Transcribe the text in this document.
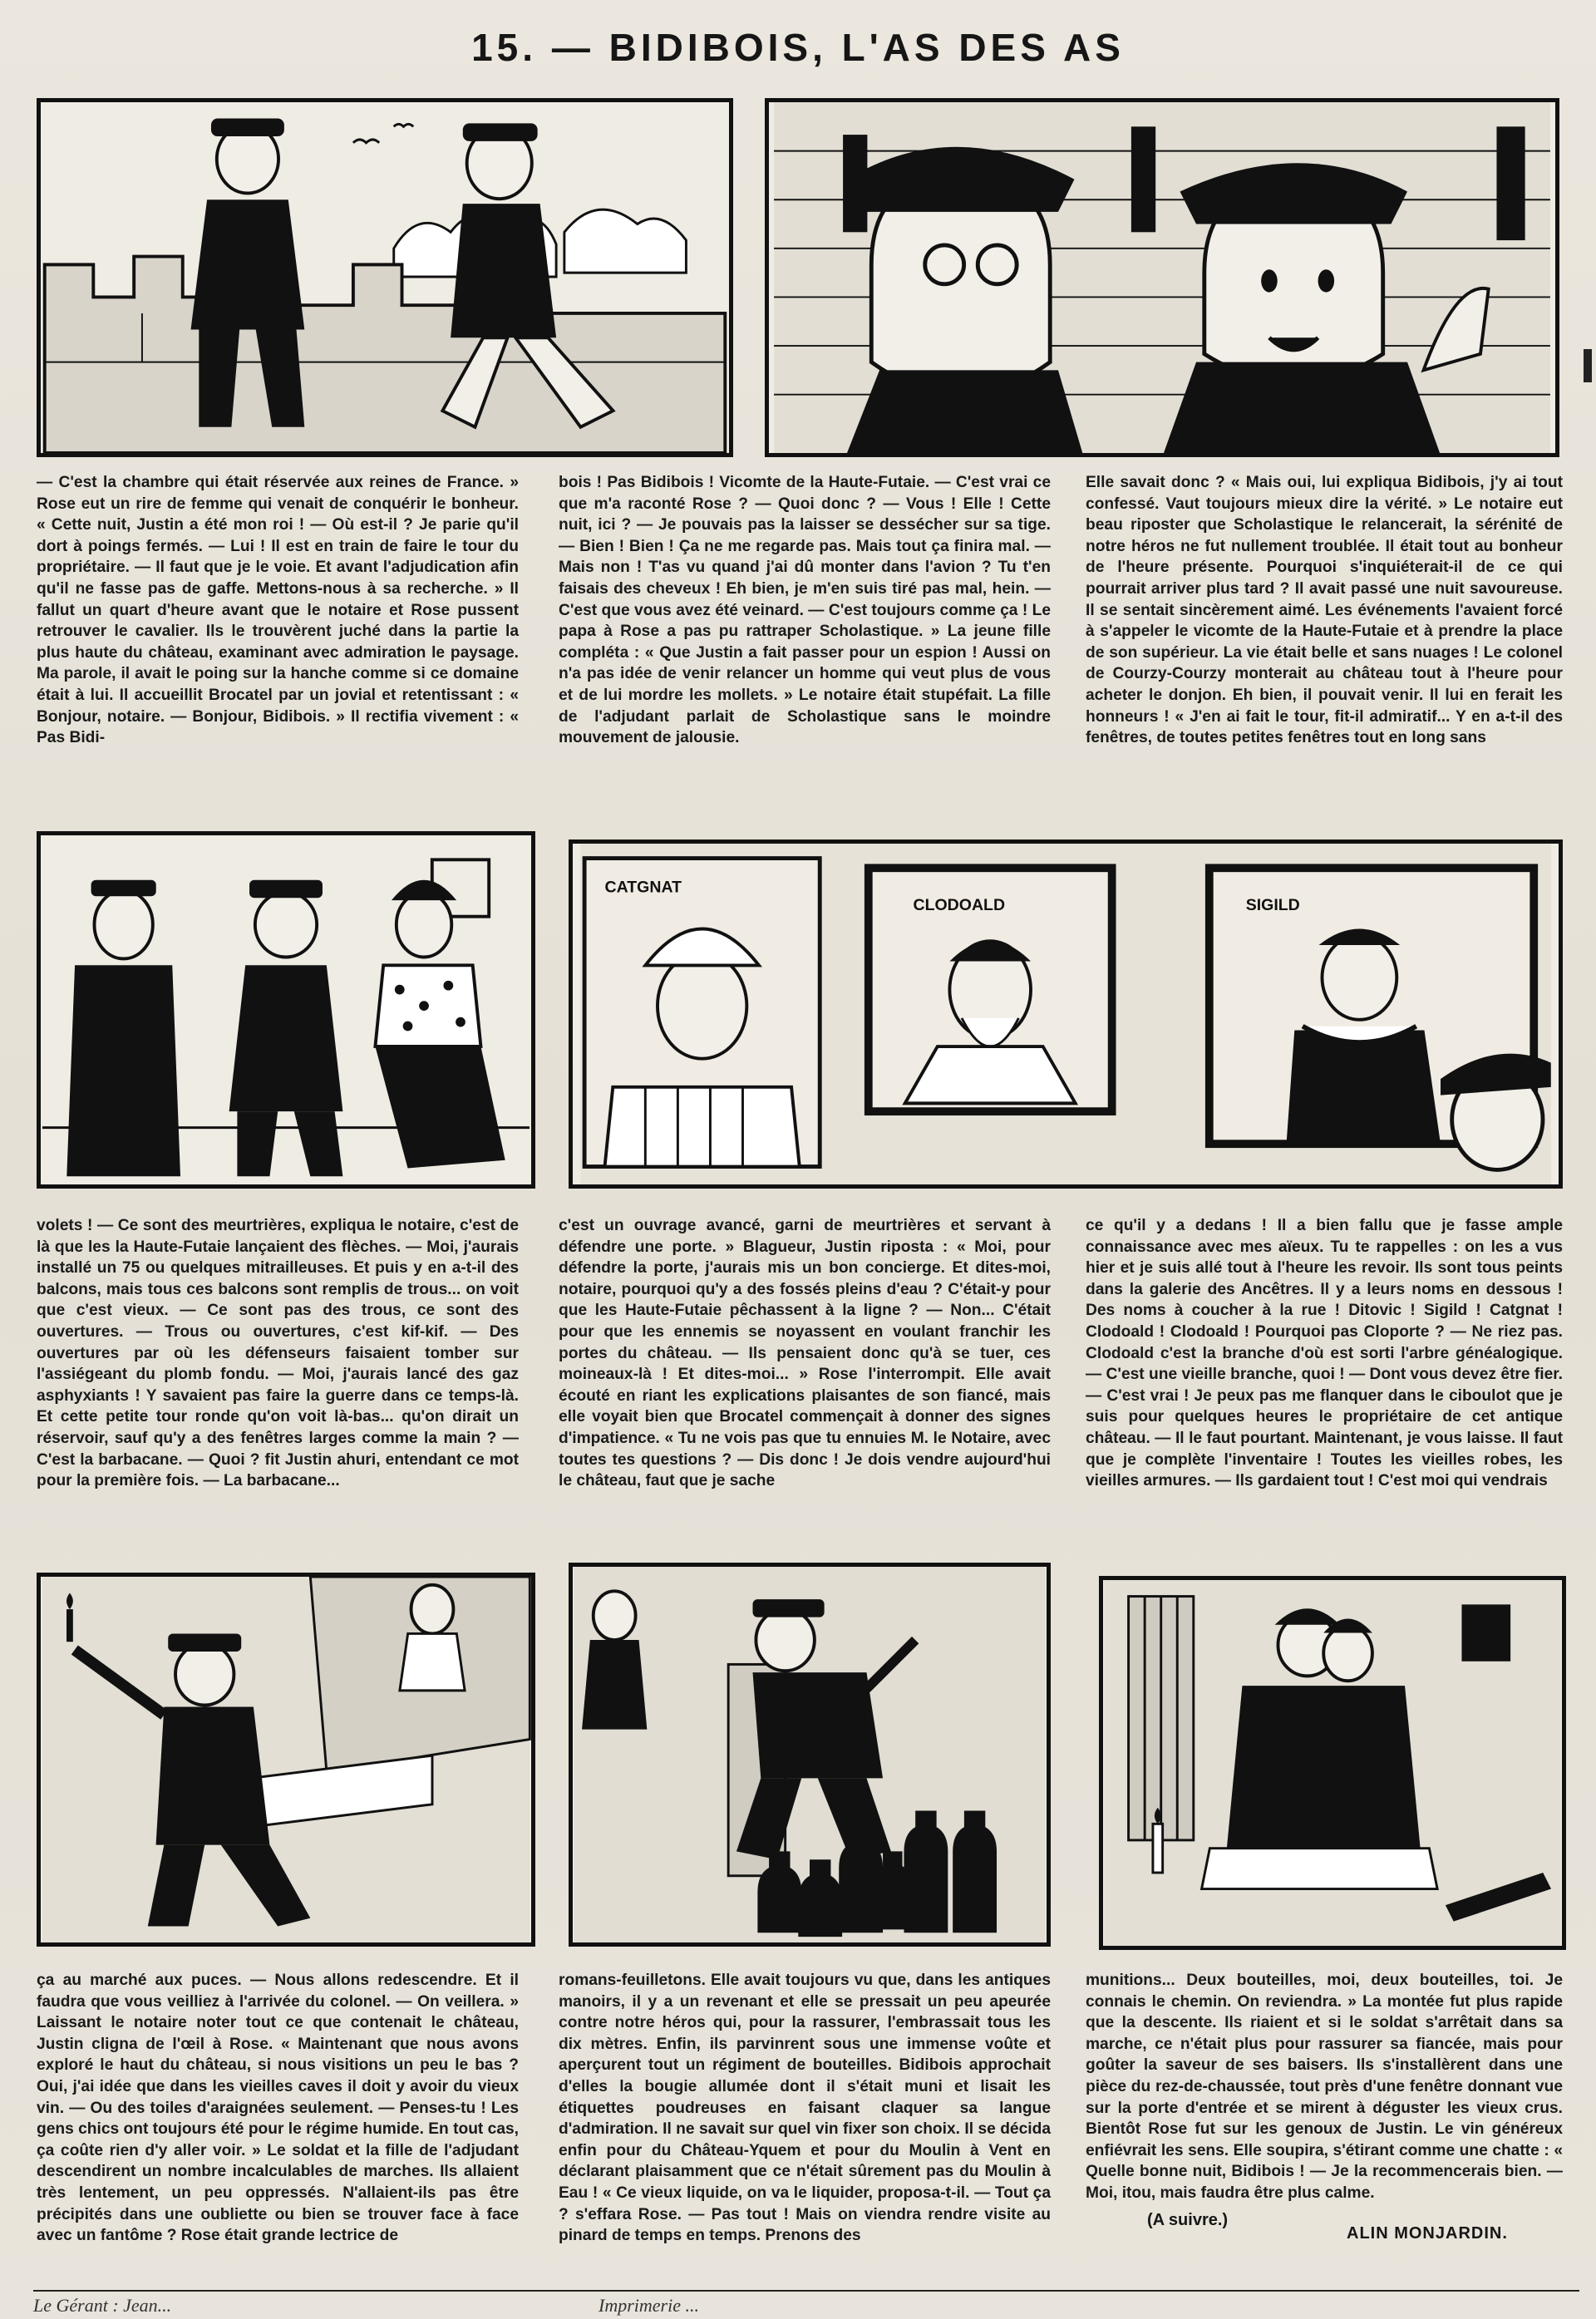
15. — BIDIBOIS, L'AS DES AS

— C'est la chambre qui était réservée aux reines de France. » Rose eut un rire de femme qui venait de conquérir le bonheur. « Cette nuit, Justin a été mon roi ! — Où est-il ? Je parie qu'il dort à poings fermés. — Lui ! Il est en train de faire le tour du propriétaire. — Il faut que je le voie. Et avant l'adjudication afin qu'il ne fasse pas de gaffe. Mettons-nous à sa recherche. » Il fallut un quart d'heure avant que le notaire et Rose pussent retrouver le cavalier. Ils le trouvèrent juché dans la partie la plus haute du château, examinant avec admiration le paysage. Ma parole, il avait le poing sur la hanche comme si ce domaine était à lui. Il accueillit Brocatel par un jovial et retentissant : « Bonjour, notaire. — Bonjour, Bidibois. » Il rectifia vivement : « Pas Bidi-

bois ! Pas Bidibois ! Vicomte de la Haute-Futaie. — C'est vrai ce que m'a raconté Rose ? — Quoi donc ? — Vous ! Elle ! Cette nuit, ici ? — Je pouvais pas la laisser se dessécher sur sa tige. — Bien ! Bien ! Ça ne me regarde pas. Mais tout ça finira mal. — Mais non ! T'as vu quand j'ai dû monter dans l'avion ? Tu t'en faisais des cheveux ! Eh bien, je m'en suis tiré pas mal, hein. — C'est que vous avez été veinard. — C'est toujours comme ça ! Le papa à Rose a pas pu rattraper Scholastique. » La jeune fille compléta : « Que Justin a fait passer pour un espion ! Aussi on n'a pas idée de venir relancer un homme qui veut plus de vous et de lui mordre les mollets. » Le notaire était stupéfait. La fille de l'adjudant parlait de Scholastique sans le moindre mouvement de jalousie.

Elle savait donc ? « Mais oui, lui expliqua Bidibois, j'y ai tout confessé. Vaut toujours mieux dire la vérité. » Le notaire eut beau riposter que Scholastique le relancerait, la sérénité de notre héros ne fut nullement troublée. Il était tout au bonheur de l'heure présente. Pourquoi s'inquiéterait-il de ce qui pourrait arriver plus tard ? Il avait passé une nuit savoureuse. Il se sentait sincèrement aimé. Les événements l'avaient forcé à s'appeler le vicomte de la Haute-Futaie et à prendre la place de son supérieur. La vie était belle et sans nuages ! Le colonel de Courzy-Courzy monterait au château tout à l'heure pour acheter le donjon. Eh bien, il pouvait venir. Il lui en ferait les honneurs ! « J'en ai fait le tour, fit-il admiratif... Y en a-t-il des fenêtres, de toutes petites fenêtres tout en long sans

CATGNAT
CLODOALD	SIGILD

volets ! — Ce sont des meurtrières, expliqua le notaire, c'est de là que les la Haute-Futaie lançaient des flèches. — Moi, j'aurais installé un 75 ou quelques mitrailleuses. Et puis y en a-t-il des balcons, mais tous ces balcons sont remplis de trous... on voit que c'est vieux. — Ce sont pas des trous, ce sont des ouvertures. — Trous ou ouvertures, c'est kif-kif. — Des ouvertures par où les défenseurs faisaient tomber sur l'assiégeant du plomb fondu. — Moi, j'aurais lancé des gaz asphyxiants ! Y savaient pas faire la guerre dans ce temps-là. Et cette petite tour ronde qu'on voit là-bas... qu'on dirait un réservoir, sauf qu'y a des fenêtres larges comme la main ? — C'est la barbacane. — Quoi ? fit Justin ahuri, entendant ce mot pour la première fois. — La barbacane...

c'est un ouvrage avancé, garni de meurtrières et servant à défendre une porte. » Blagueur, Justin riposta : « Moi, pour défendre la porte, j'aurais mis un bon concierge. Et dites-moi, notaire, pourquoi qu'y a des fossés pleins d'eau ? C'était-y pour que les Haute-Futaie pêchassent à la ligne ? — Non... C'était pour que les ennemis se noyassent en voulant franchir les portes du château. — Ils pensaient donc qu'à se tuer, ces moineaux-là ! Et dites-moi... » Rose l'interrompit. Elle avait écouté en riant les explications plaisantes de son fiancé, mais elle voyait bien que Brocatel commençait à donner des signes d'impatience. « Tu ne vois pas que tu ennuies M. le Notaire, avec toutes tes questions ? — Dis donc ! Je dois vendre aujourd'hui le château, faut que je sache

ce qu'il y a dedans ! Il a bien fallu que je fasse ample connaissance avec mes aïeux. Tu te rappelles : on les a vus hier et je suis allé tout à l'heure les revoir. Ils sont tous peints dans la galerie des Ancêtres. Il y a leurs noms en dessous ! Des noms à coucher à la rue ! Ditovic ! Sigild ! Catgnat ! Clodoald ! Clodoald ! Pourquoi pas Cloporte ? — Ne riez pas. Clodoald c'est la branche d'où est sorti l'arbre généalogique. — C'est une vieille branche, quoi ! — Dont vous devez être fier. — C'est vrai ! Je peux pas me flanquer dans le ciboulot que je suis pour quelques heures le propriétaire de cet antique château. — Il le faut pourtant. Maintenant, je vous laisse. Il faut que je complète l'inventaire ! Toutes les vieilles robes, les vieilles armures. — Ils gardaient tout ! C'est moi qui vendrais

ça au marché aux puces. — Nous allons redescendre. Et il faudra que vous veilliez à l'arrivée du colonel. — On veillera. » Laissant le notaire noter tout ce que contenait le château, Justin cligna de l'œil à Rose. « Maintenant que nous avons exploré le haut du château, si nous visitions un peu le bas ? Oui, j'ai idée que dans les vieilles caves il doit y avoir du vieux vin. — Ou des toiles d'araignées seulement. — Penses-tu ! Les gens chics ont toujours été pour le régime humide. En tout cas, ça coûte rien d'y aller voir. » Le soldat et la fille de l'adjudant descendirent un nombre incalculables de marches. Ils allaient très lentement, un peu oppressés. N'allaient-ils pas être précipités dans une oubliette ou bien se trouver face à face avec un fantôme ? Rose était grande lectrice de

romans-feuilletons. Elle avait toujours vu que, dans les antiques manoirs, il y a un revenant et elle se pressait un peu apeurée contre notre héros qui, pour la rassurer, l'embrassait tous les dix mètres. Enfin, ils parvinrent sous une immense voûte et aperçurent tout un régiment de bouteilles. Bidibois approchait d'elles la bougie allumée dont il s'était muni et lisait les étiquettes poudreuses en faisant claquer sa langue d'admiration. Il ne savait sur quel vin fixer son choix. Il se décida enfin pour du Château-Yquem et pour du Moulin à Vent en déclarant plaisamment que ce n'était sûrement pas du Moulin à Eau ! « Ce vieux liquide, on va le liquider, proposa-t-il. — Tout ça ? s'effara Rose. — Pas tout ! Mais on viendra rendre visite au pinard de temps en temps. Prenons des

munitions... Deux bouteilles, moi, deux bouteilles, toi. Je connais le chemin. On reviendra. » La montée fut plus rapide que la descente. Ils riaient et si le soldat s'arrêtait dans sa marche, ce n'était plus pour rassurer sa fiancée, mais pour goûter la saveur de ses baisers. Ils s'installèrent dans une pièce du rez-de-chaussée, tout près d'une fenêtre donnant vue sur la porte d'entrée et se mirent à déguster les vieux crus. Bientôt Rose fut sur les genoux de Justin. Le vin généreux enfiévrait les sens. Elle soupira, s'étirant comme une chatte : « Quelle bonne nuit, Bidibois ! — Je la recommencerais bien. — Moi, itou, mais faudra être plus calme.

(A suivre.)
ALIN MONJARDIN.
Le Gérant : Jean...	Imprimerie ...
